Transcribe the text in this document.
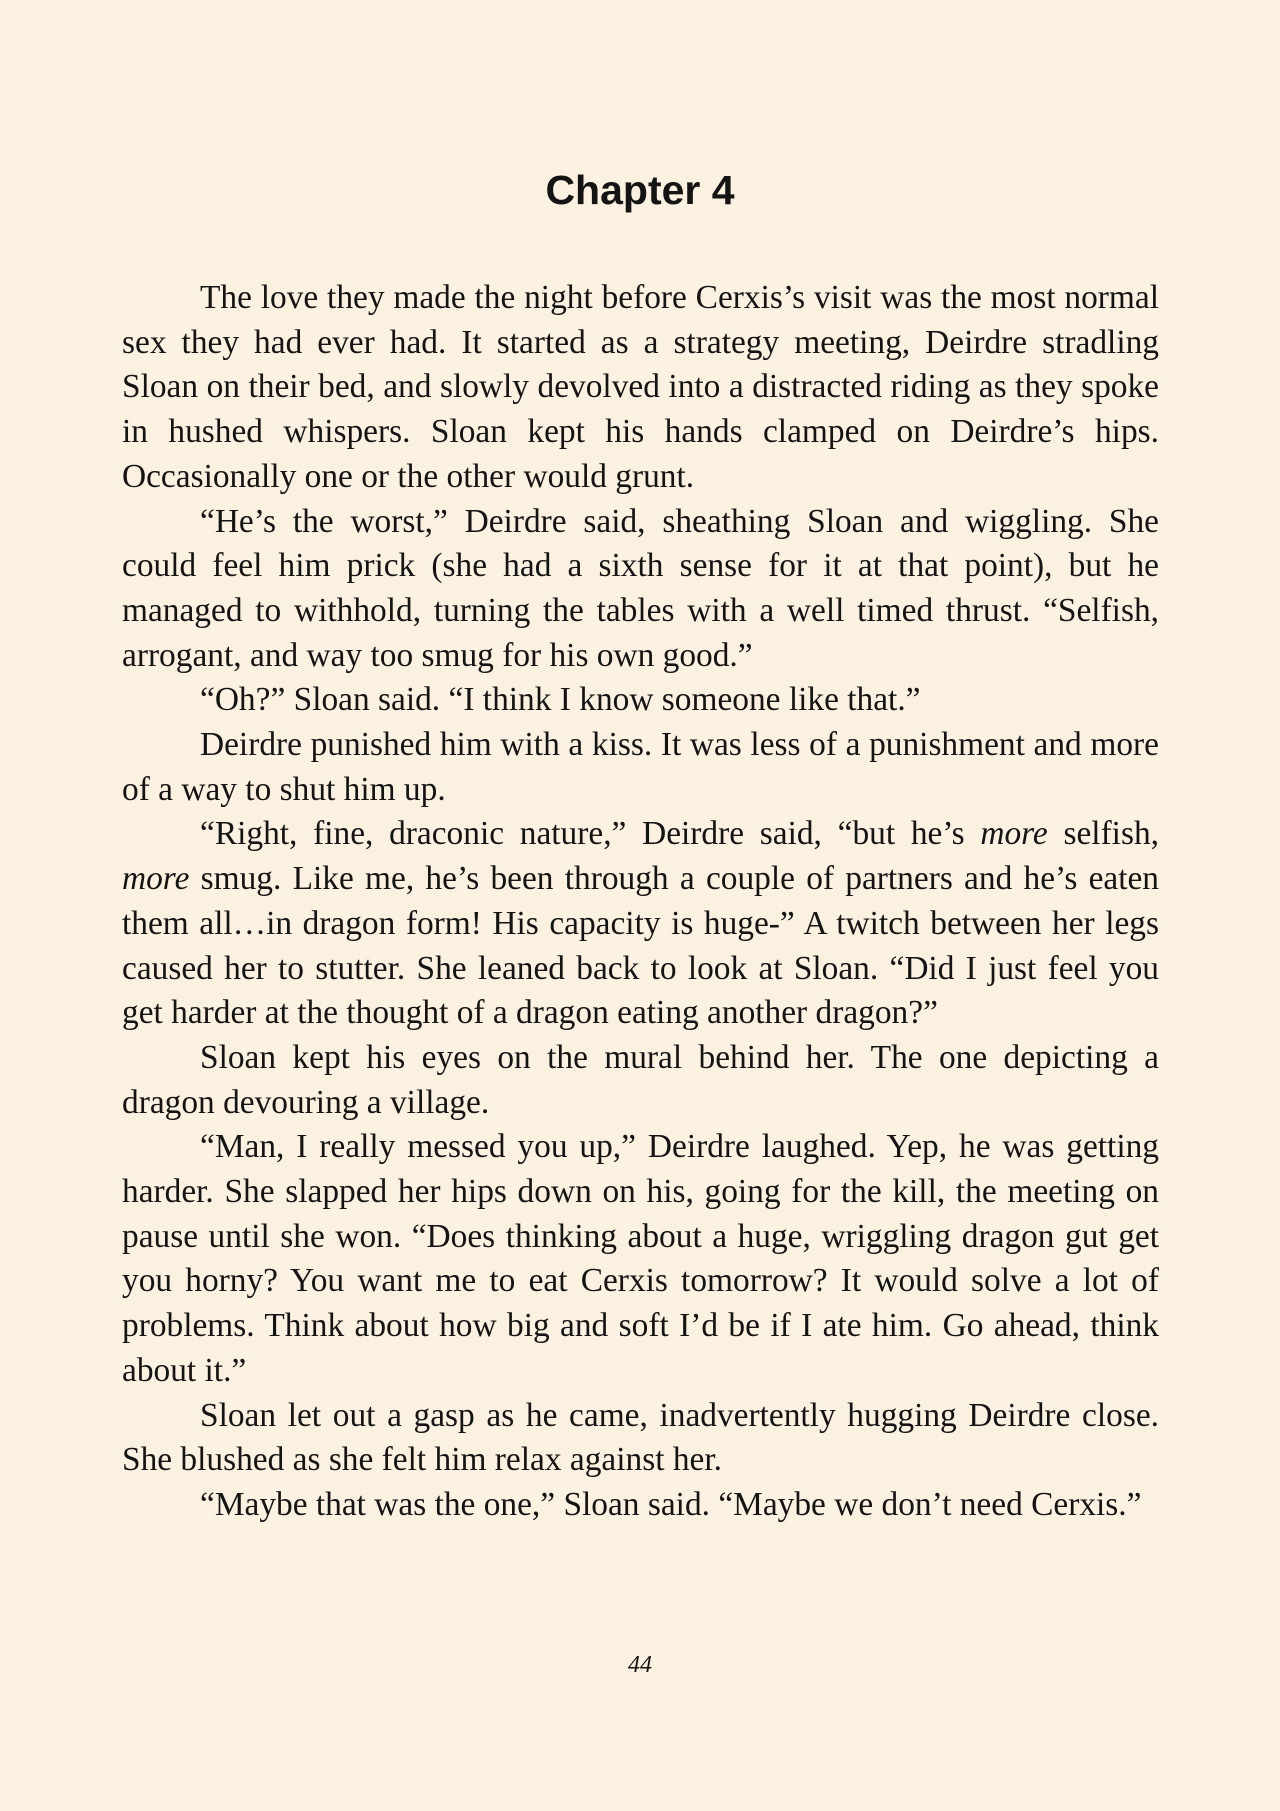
Chapter 4

The love they made the night before Cerxis’s visit was the most normal sex they had ever had. It started as a strategy meeting, Deirdre stradling Sloan on their bed, and slowly devolved into a distracted riding as they spoke in hushed whispers. Sloan kept his hands clamped on Deirdre’s hips. Occasionally one or the other would grunt.

“He’s the worst,” Deirdre said, sheathing Sloan and wiggling. She could feel him prick (she had a sixth sense for it at that point), but he managed to withhold, turning the tables with a well timed thrust. “Selfish, arrogant, and way too smug for his own good.”

“Oh?” Sloan said. “I think I know someone like that.”

Deirdre punished him with a kiss. It was less of a punishment and more of a way to shut him up.

“Right, fine, draconic nature,” Deirdre said, “but he’s more selfish, more smug. Like me, he’s been through a couple of partners and he’s eaten them all…in dragon form! His capacity is huge-” A twitch between her legs caused her to stutter. She leaned back to look at Sloan. “Did I just feel you get harder at the thought of a dragon eating another dragon?”

Sloan kept his eyes on the mural behind her. The one depicting a dragon devouring a village.

“Man, I really messed you up,” Deirdre laughed. Yep, he was getting harder. She slapped her hips down on his, going for the kill, the meeting on pause until she won. “Does thinking about a huge, wriggling dragon gut get you horny? You want me to eat Cerxis tomorrow? It would solve a lot of problems. Think about how big and soft I’d be if I ate him. Go ahead, think about it.”

Sloan let out a gasp as he came, inadvertently hugging Deirdre close. She blushed as she felt him relax against her.

“Maybe that was the one,” Sloan said. “Maybe we don’t need Cerxis.”

44
